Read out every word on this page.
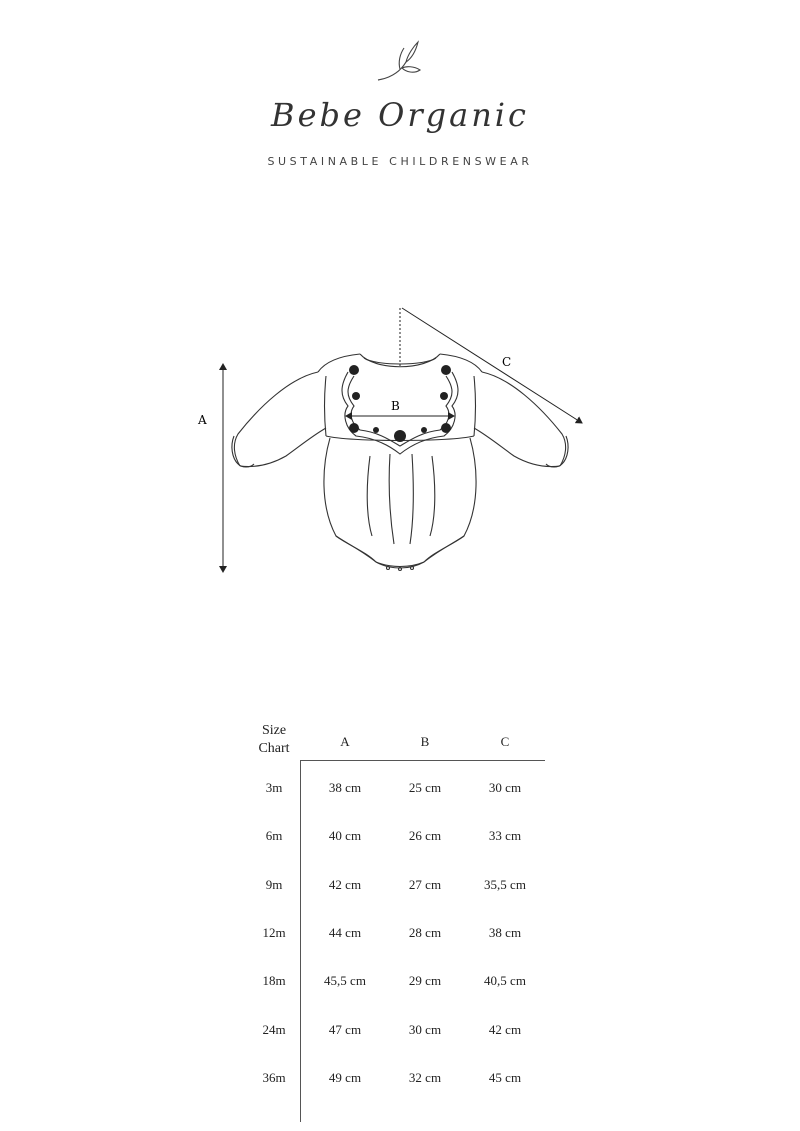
Bebe Organic
SUSTAINABLE CHILDRENSWEAR
A
C
B
Size
Chart	A	B	C
3m	38 cm	25 cm	30 cm
6m	40 cm	26 cm	33 cm
9m	42 cm	27 cm	35,5 cm
12m	44 cm	28 cm	38 cm
18m	45,5 cm	29 cm	40,5 cm
24m	47 cm	30 cm	42 cm
36m	49 cm	32 cm	45 cm
